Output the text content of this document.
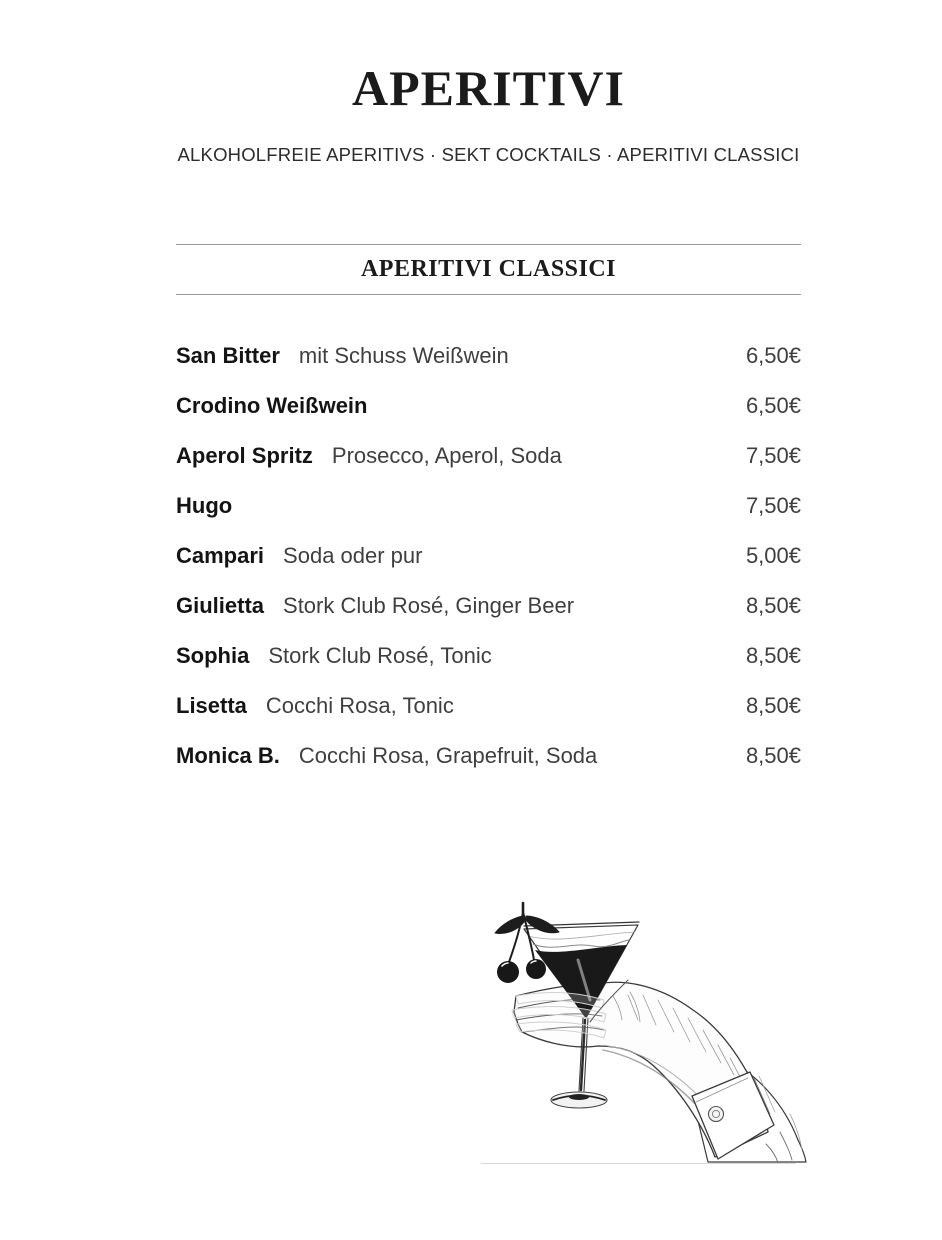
APERITIVI
ALKOHOLFREIE APERITIVS · SEKT COCKTAILS · APERITIVI CLASSICI
APERITIVI CLASSICI
San Bitter mit Schuss Weißwein	6,50€
Crodino Weißwein	6,50€
Aperol Spritz Prosecco, Aperol, Soda	7,50€
Hugo	7,50€
Campari Soda oder pur	5,00€
Giulietta Stork Club Rosé, Ginger Beer	8,50€
Sophia Stork Club Rosé, Tonic	8,50€
Lisetta Cocchi Rosa, Tonic	8,50€
Monica B. Cocchi Rosa, Grapefruit, Soda	8,50€
